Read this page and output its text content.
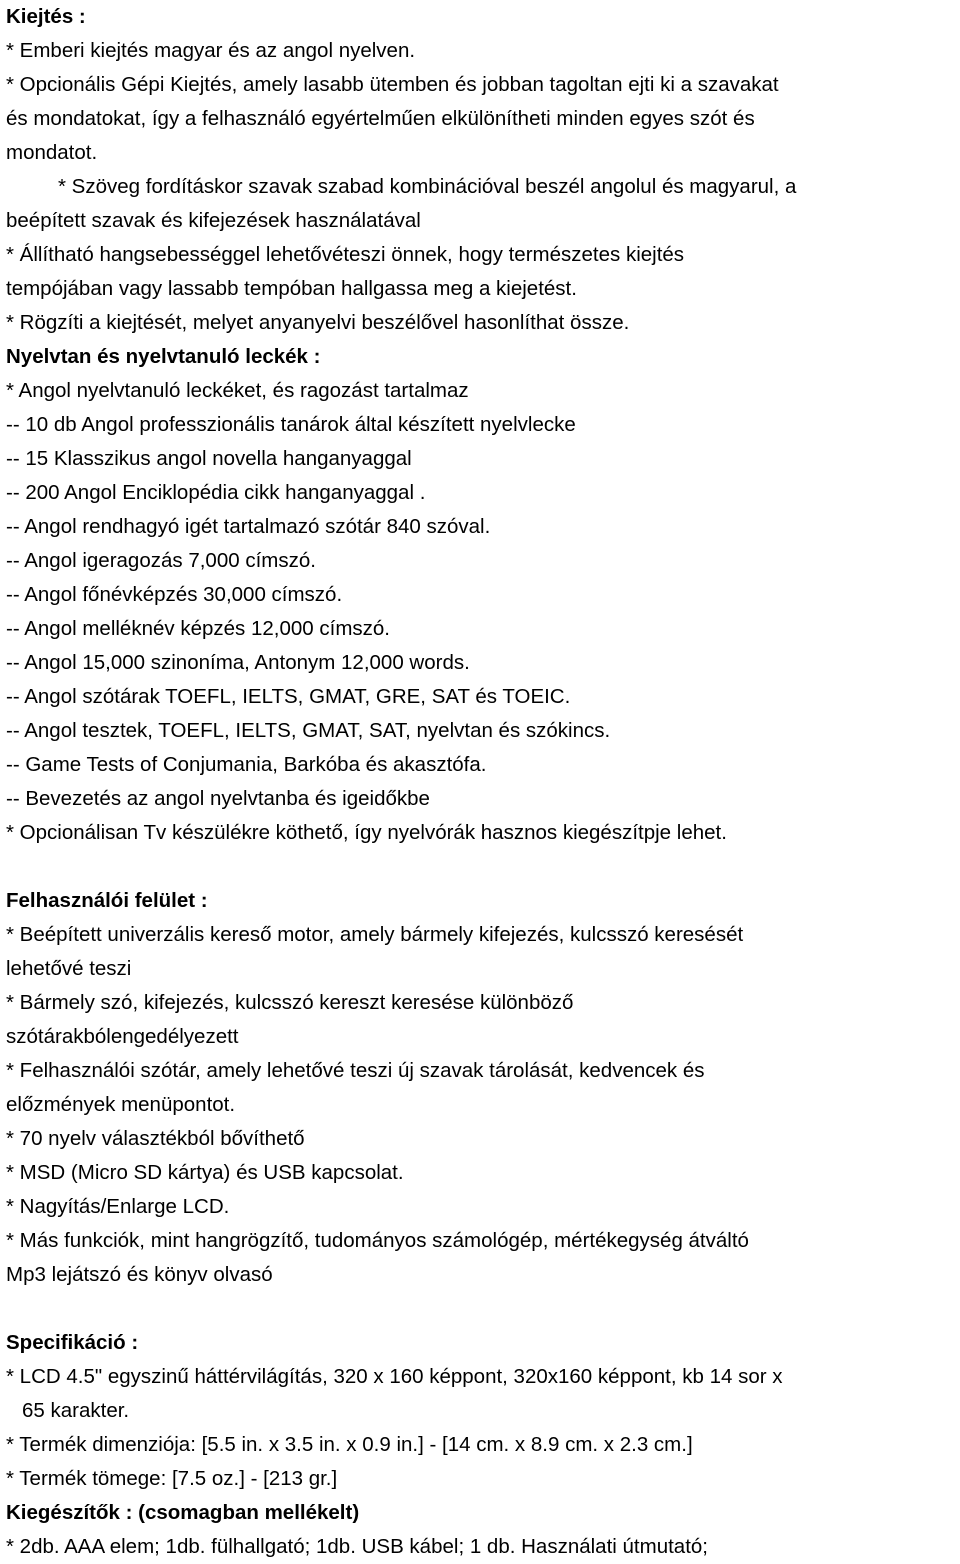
Kiejtés :
* Emberi kiejtés magyar és az angol nyelven.
* Opcionális Gépi Kiejtés, amely lasabb ütemben és jobban tagoltan ejti ki a szavakat
és mondatokat, így a felhasználó egyértelműen elkülönítheti minden egyes szót és
mondatot.
* Szöveg fordításkor szavak szabad kombinációval beszél angolul és magyarul, a
beépített szavak és kifejezések használatával
* Állítható hangsebességgel lehetővéteszi önnek, hogy természetes kiejtés
tempójában vagy lassabb tempóban hallgassa meg a kiejetést.
* Rögzíti a kiejtését, melyet anyanyelvi beszélővel hasonlíthat össze.
Nyelvtan és nyelvtanuló leckék :
* Angol nyelvtanuló leckéket, és ragozást tartalmaz
-- 10 db Angol professzionális tanárok által készített nyelvlecke
-- 15 Klasszikus angol novella hanganyaggal
-- 200 Angol Enciklopédia cikk hanganyaggal .
-- Angol rendhagyó igét tartalmazó szótár 840 szóval.
-- Angol igeragozás 7,000 címszó.
-- Angol főnévképzés 30,000 címszó.
-- Angol melléknév képzés 12,000 címszó.
-- Angol 15,000 szinoníma, Antonym 12,000 words.
-- Angol szótárak TOEFL, IELTS, GMAT, GRE, SAT és TOEIC.
-- Angol tesztek, TOEFL, IELTS, GMAT, SAT, nyelvtan és szókincs.
-- Game Tests of Conjumania, Barkóba és akasztófa.
-- Bevezetés az angol nyelvtanba és igeidőkbe
* Opcionálisan Tv készülékre köthető, így nyelvórák hasznos kiegészítpje lehet.
Felhasználói felület :
* Beépített univerzális kereső motor, amely bármely kifejezés, kulcsszó keresését
lehetővé teszi
* Bármely szó, kifejezés, kulcsszó kereszt keresése különböző
szótárakbólengedélyezett
* Felhasználói szótár, amely lehetővé teszi új szavak tárolását, kedvencek és
előzmények menüpontot.
* 70 nyelv választékból bővíthető
* MSD (Micro SD kártya) és USB kapcsolat.
* Nagyítás/Enlarge LCD.
* Más funkciók, mint hangrögzítő, tudományos számológép, mértékegység átváltó
Mp3 lejátszó és könyv olvasó
Specifikáció :
* LCD 4.5" egyszinű háttérvilágítás, 320 x 160 képpont, 320x160 képpont, kb 14 sor x
65 karakter.
* Termék dimenziója: [5.5 in. x 3.5 in. x 0.9 in.] - [14 cm. x 8.9 cm. x 2.3 cm.]
* Termék tömege: [7.5 oz.] - [213 gr.]
Kiegészítők : (csomagban mellékelt)
* 2db. AAA elem; 1db. fülhallgató; 1db. USB kábel; 1 db. Használati útmutató;
